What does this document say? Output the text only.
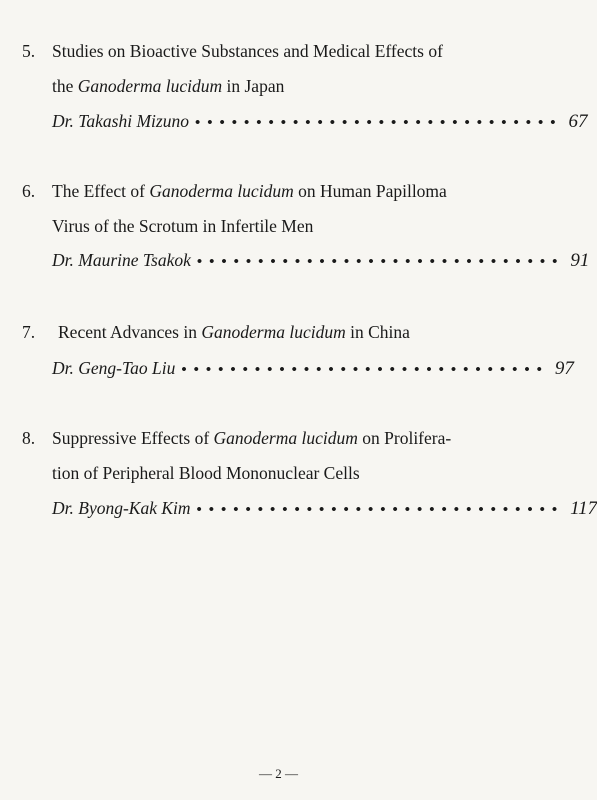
5. Studies on Bioactive Substances and Medical Effects of
the Ganoderma lucidum in Japan
Dr. Takashi Mizuno •••••••••••••••••••••••••••••• 67
6. The Effect of Ganoderma lucidum on Human Papilloma
Virus of the Scrotum in Infertile Men
Dr. Maurine Tsakok •••••••••••••••••••••••••••••• 91
7. Recent Advances in Ganoderma lucidum in China
Dr. Geng-Tao Liu •••••••••••••••••••••••••••••• 97
8. Suppressive Effects of Ganoderma lucidum on Prolifera-
tion of Peripheral Blood Mononuclear Cells
Dr. Byong-Kak Kim •••••••••••••••••••••••••••••• 117
— 2 —
